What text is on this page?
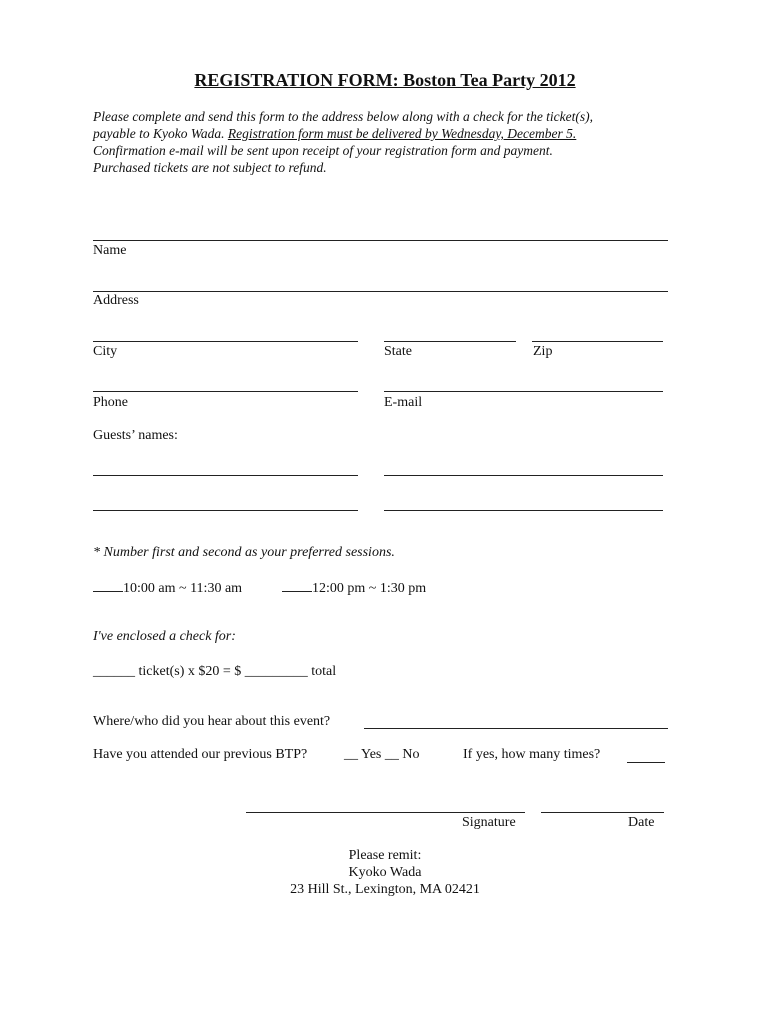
REGISTRATION FORM: Boston Tea Party 2012
Please complete and send this form to the address below along with a check for the ticket(s),
payable to Kyoko Wada. Registration form must be delivered by Wednesday, December 5.
Confirmation e-mail will be sent upon receipt of your registration form and payment.
Purchased tickets are not subject to refund.
Name
Address
City	State	Zip
Phone	E-mail
Guests’ names:
* Number first and second as your preferred sessions.
10:00 am ~ 11:30 am	12:00 pm ~ 1:30 pm
I've enclosed a check for:
______ ticket(s) x $20 = $ _________ total
Where/who did you hear about this event?
Have you attended our previous BTP?	__ Yes __ No	If yes, how many times?
Signature	Date
Please remit:
Kyoko Wada
23 Hill St., Lexington, MA 02421
